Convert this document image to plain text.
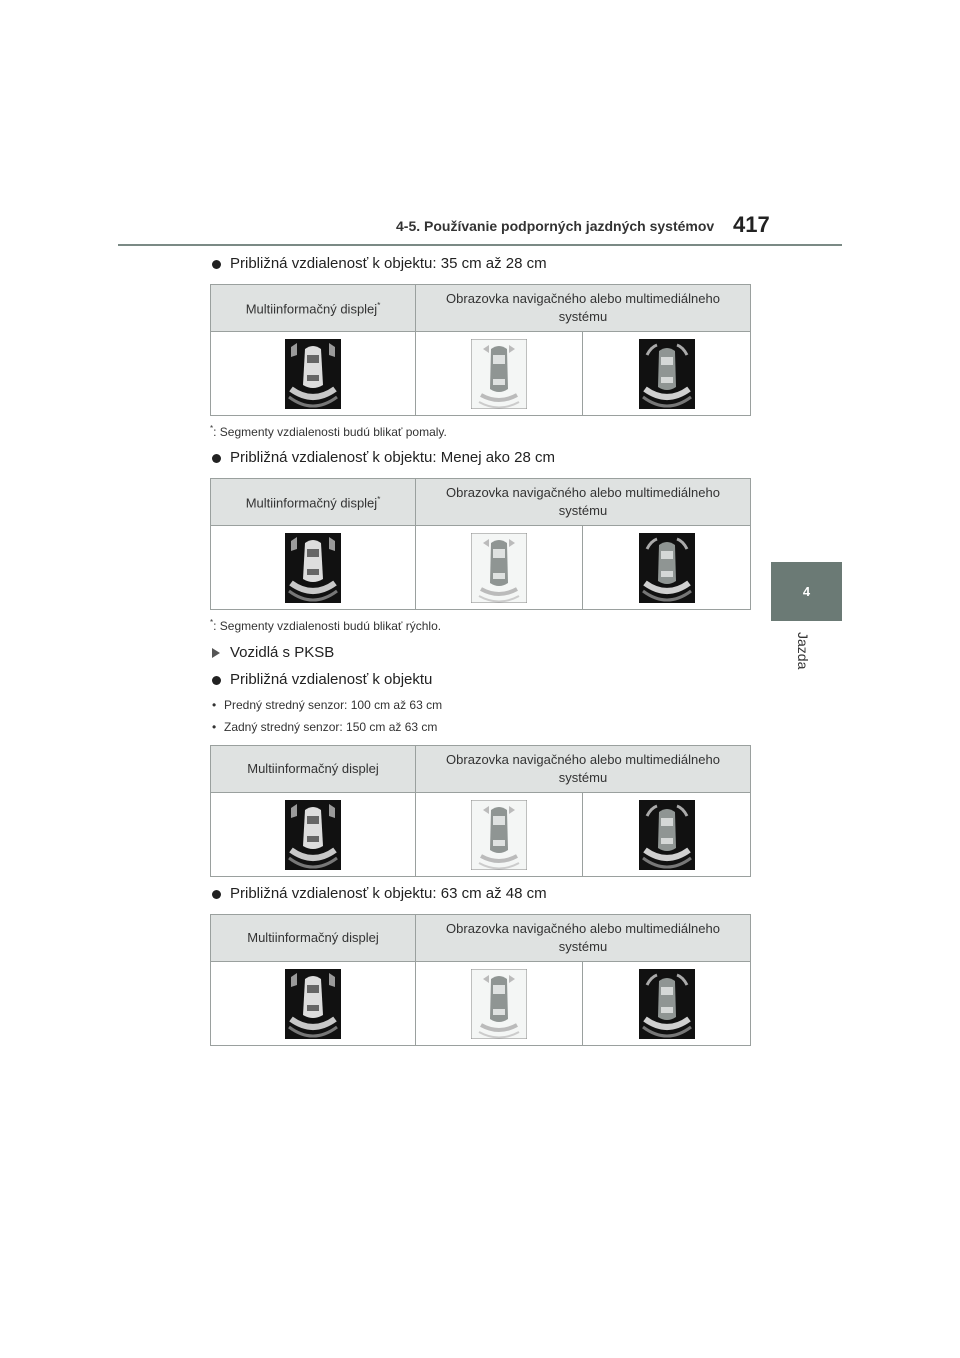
4-5. Používanie podporných jazdných systémov 417
4
Jazda
Približná vzdialenosť k objektu: 35 cm až 28 cm
Multiinformačný displej*	Obrazovka navigačného alebo multimediálneho systému	

*: Segmenty vzdialenosti budú blikať pomaly.
Približná vzdialenosť k objektu: Menej ako 28 cm
Multiinformačný displej*	Obrazovka navigačného alebo multimediálneho systému	

*: Segmenty vzdialenosti budú blikať rýchlo.
Vozidlá s PKSB
Približná vzdialenosť k objektu
• Predný stredný senzor: 100 cm až 63 cm
• Zadný stredný senzor: 150 cm až 63 cm
Multiinformačný displej	Obrazovka navigačného alebo multimediálneho systému	

Približná vzdialenosť k objektu: 63 cm až 48 cm
Multiinformačný displej	Obrazovka navigačného alebo multimediálneho systému	
